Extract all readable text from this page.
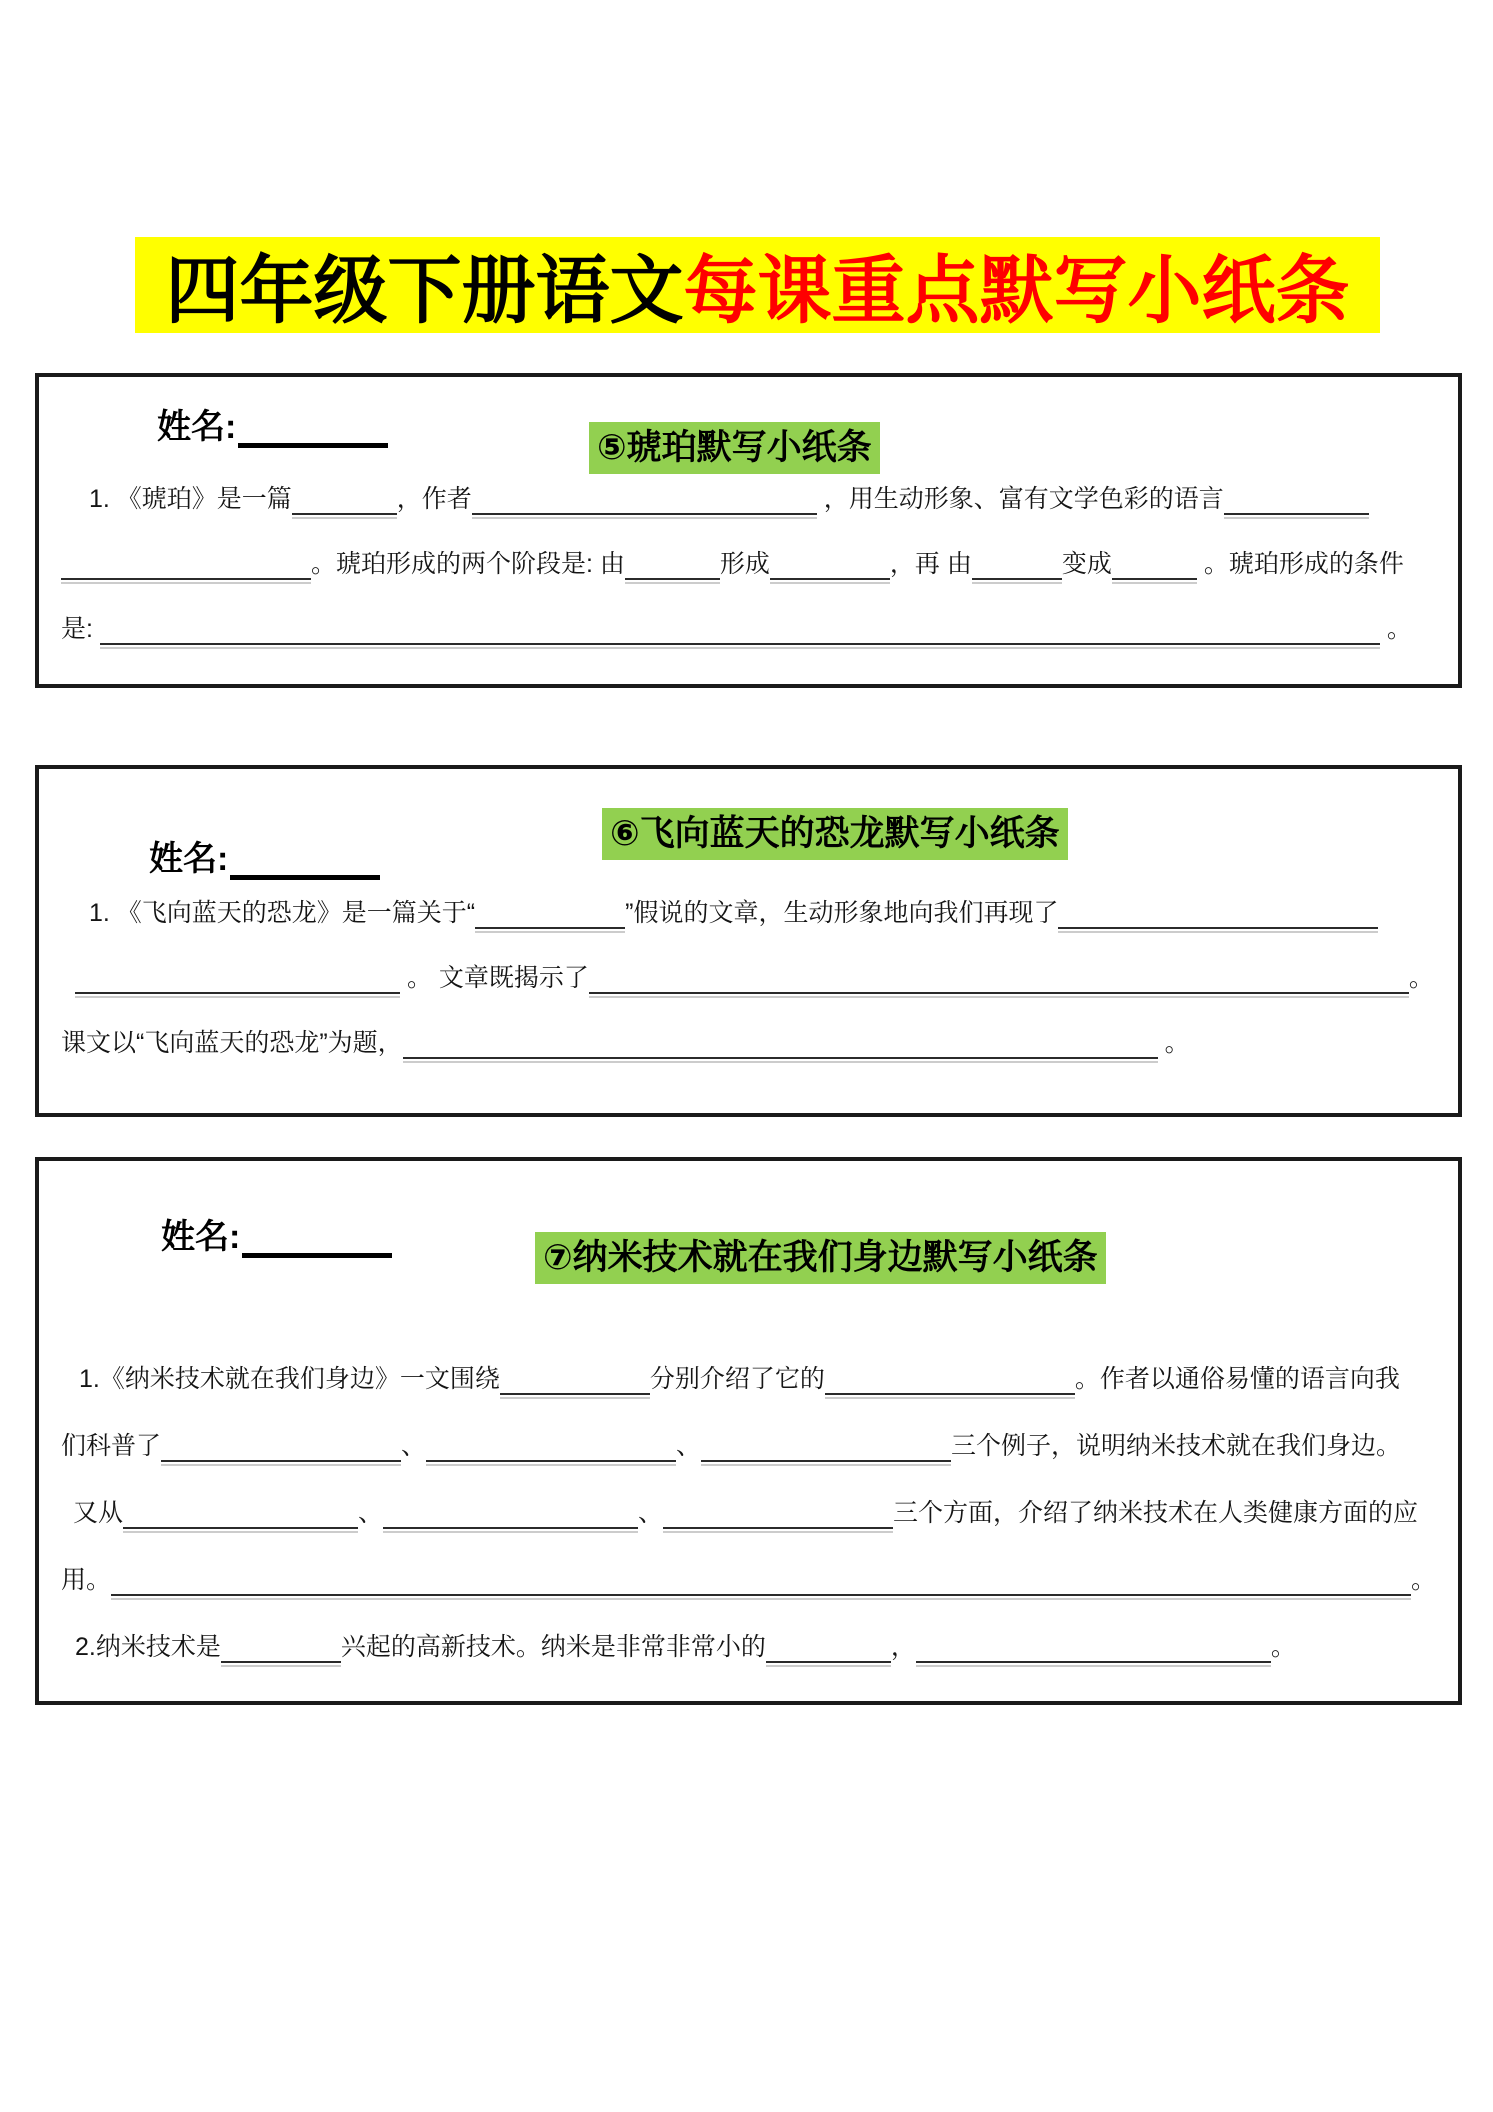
四年级下册语文 每课重点默写小纸条
姓名:
⑤琥珀默写小纸条
1. 《琥珀》是一篇	，作者	，用生动形象、富有文学色彩的语言
。琥珀形成的两个阶段是: 由	形成	，再 由	变成	。琥珀形成的条件
是:	。
姓名:
⑥飞向蓝天的恐龙默写小纸条
1. 《飞向蓝天的恐龙》是一篇关于“	”假说的文章，生动形象地向我们再现了
。 文章既揭示了	。
课文以“飞向蓝天的恐龙”为题，	。
姓名:
⑦纳米技术就在我们身边默写小纸条
1.《纳米技术就在我们身边》一文围绕	分别介绍了它的	。作者以通俗易懂的语言向我
们科普了	、	、	三个例子，说明纳米技术就在我们身边。
又从	、	、	三个方面，介绍了纳米技术在人类健康方面的应
用。	。
2.纳米技术是	兴起的高新技术。纳米是非常非常小的	，	。
